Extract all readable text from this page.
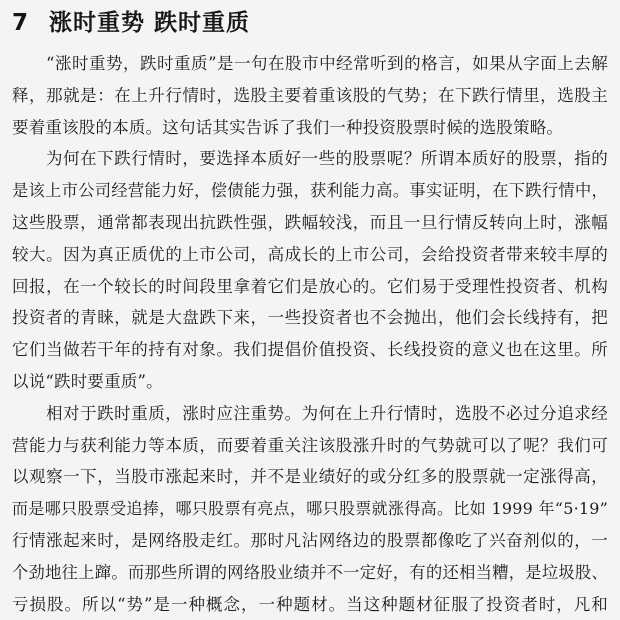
7 涨时重势 跌时重质
“涨时重势，跌时重质”是一句在股市中经常听到的格言，如果从字面上去解
释，那就是：在上升行情时，选股主要着重该股的气势；在下跌行情里，选股主
要着重该股的本质。这句话其实告诉了我们一种投资股票时候的选股策略。
为何在下跌行情时，要选择本质好一些的股票呢？所谓本质好的股票，指的
是该上市公司经营能力好，偿债能力强，获利能力高。事实证明，在下跌行情中，
这些股票，通常都表现出抗跌性强，跌幅较浅，而且一旦行情反转向上时，涨幅
较大。因为真正质优的上市公司，高成长的上市公司，会给投资者带来较丰厚的
回报，在一个较长的时间段里拿着它们是放心的。它们易于受理性投资者、机构
投资者的青睐，就是大盘跌下来，一些投资者也不会抛出，他们会长线持有，把
它们当做若干年的持有对象。我们提倡价值投资、长线投资的意义也在这里。所
以说“跌时要重质”。
相对于跌时重质，涨时应注重势。为何在上升行情时，选股不必过分追求经
营能力与获利能力等本质，而要着重关注该股涨升时的气势就可以了呢？我们可
以观察一下，当股市涨起来时，并不是业绩好的或分红多的股票就一定涨得高，
而是哪只股票受追捧，哪只股票有亮点，哪只股票就涨得高。比如 1999 年“5·19”
行情涨起来时，是网络股走红。那时凡沾网络边的股票都像吃了兴奋剂似的，一
个劲地往上蹿。而那些所谓的网络股业绩并不一定好，有的还相当糟，是垃圾股、
亏损股。所以“势”是一种概念，一种题材。当这种题材征服了投资者时，凡和
